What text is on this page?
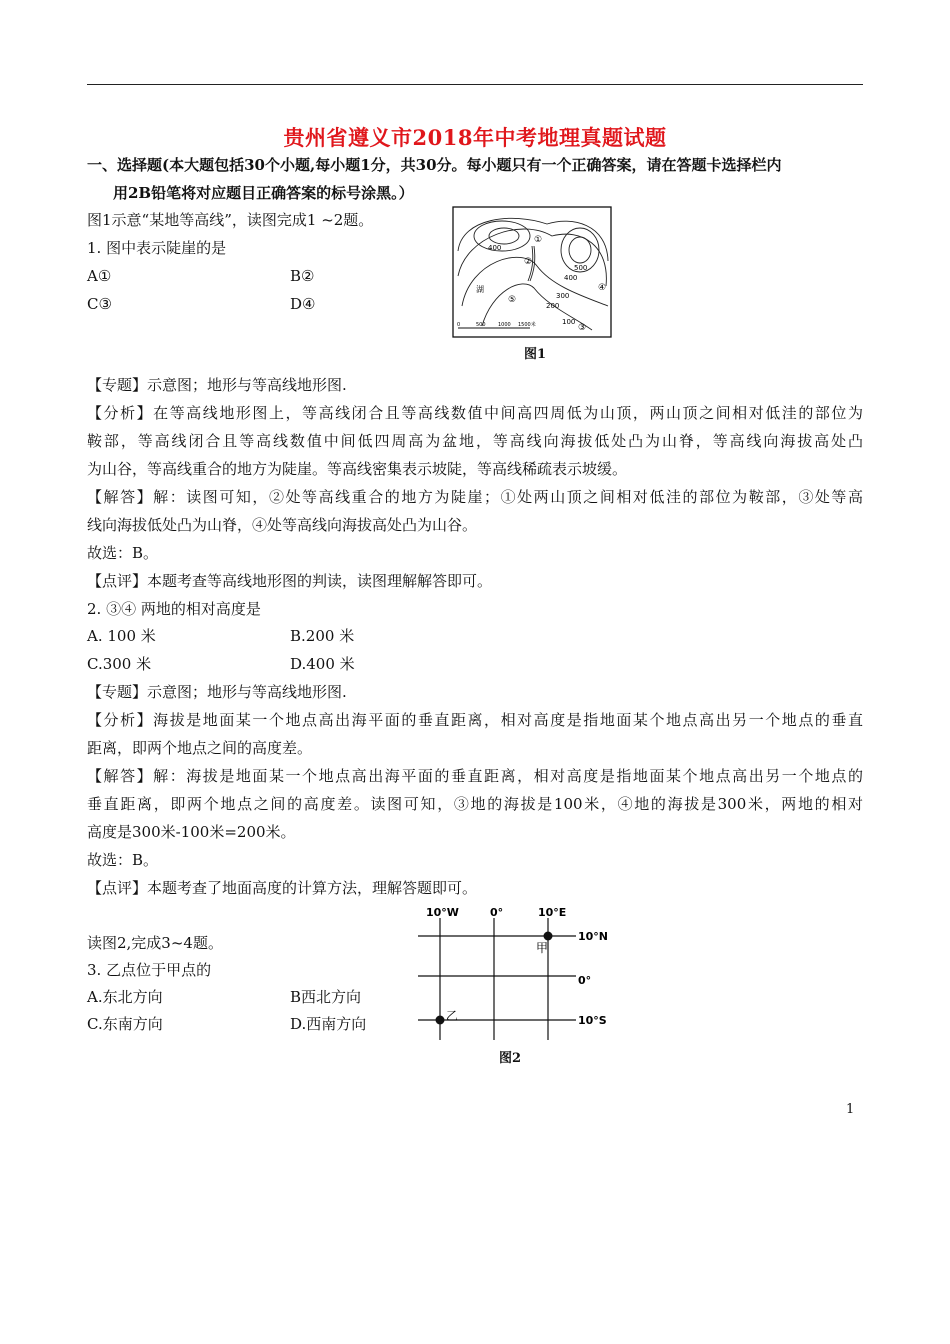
贵州省遵义市2018年中考地理真题试题
一、选择题(本大题包括30个小题,每小题1分，共30分。每小题只有一个正确答案，请在答题卡选择栏内
用2B铅笔将对应题目正确答案的标号涂黑。）
图1示意“某地等高线”，读图完成1 ~2题。
1. 图中表示陡崖的是
A①	B②
C③	D④
400
400
500
300
200
100
①
②
③
④
⑤
湖
0	500 1000 1500米
图1
【专题】示意图；地形与等高线地形图.
【分析】在等高线地形图上，等高线闭合且等高线数值中间高四周低为山顶，两山顶之间相对低洼的部位为
鞍部，等高线闭合且等高线数值中间低四周高为盆地，等高线向海拔低处凸为山脊，等高线向海拔高处凸
为山谷，等高线重合的地方为陡崖。等高线密集表示坡陡，等高线稀疏表示坡缓。
【解答】解：读图可知，②处等高线重合的地方为陡崖；①处两山顶之间相对低洼的部位为鞍部，③处等高
线向海拔低处凸为山脊，④处等高线向海拔高处凸为山谷。
故选：B。
【点评】本题考查等高线地形图的判读，读图理解解答即可。
2. ③④ 两地的相对高度是
A. 100 米	B.200 米
C.300 米	D.400 米
【专题】示意图；地形与等高线地形图.
【分析】海拔是地面某一个地点高出海平面的垂直距离，相对高度是指地面某个地点高出另一个地点的垂直
距离，即两个地点之间的高度差。
【解答】解：海拔是地面某一个地点高出海平面的垂直距离，相对高度是指地面某个地点高出另一个地点的
垂直距离，即两个地点之间的高度差。读图可知，③地的海拔是100米，④地的海拔是300米，两地的相对
高度是300米-100米=200米。
故选：B。
【点评】本题考查了地面高度的计算方法，理解答题即可。
读图2,完成3~4题。
3. 乙点位于甲点的
A.东北方向	B西北方向
C.东南方向	D.西南方向
10°W	0°	10°E
10°N
0°
10°S
甲
乙
图2
1
